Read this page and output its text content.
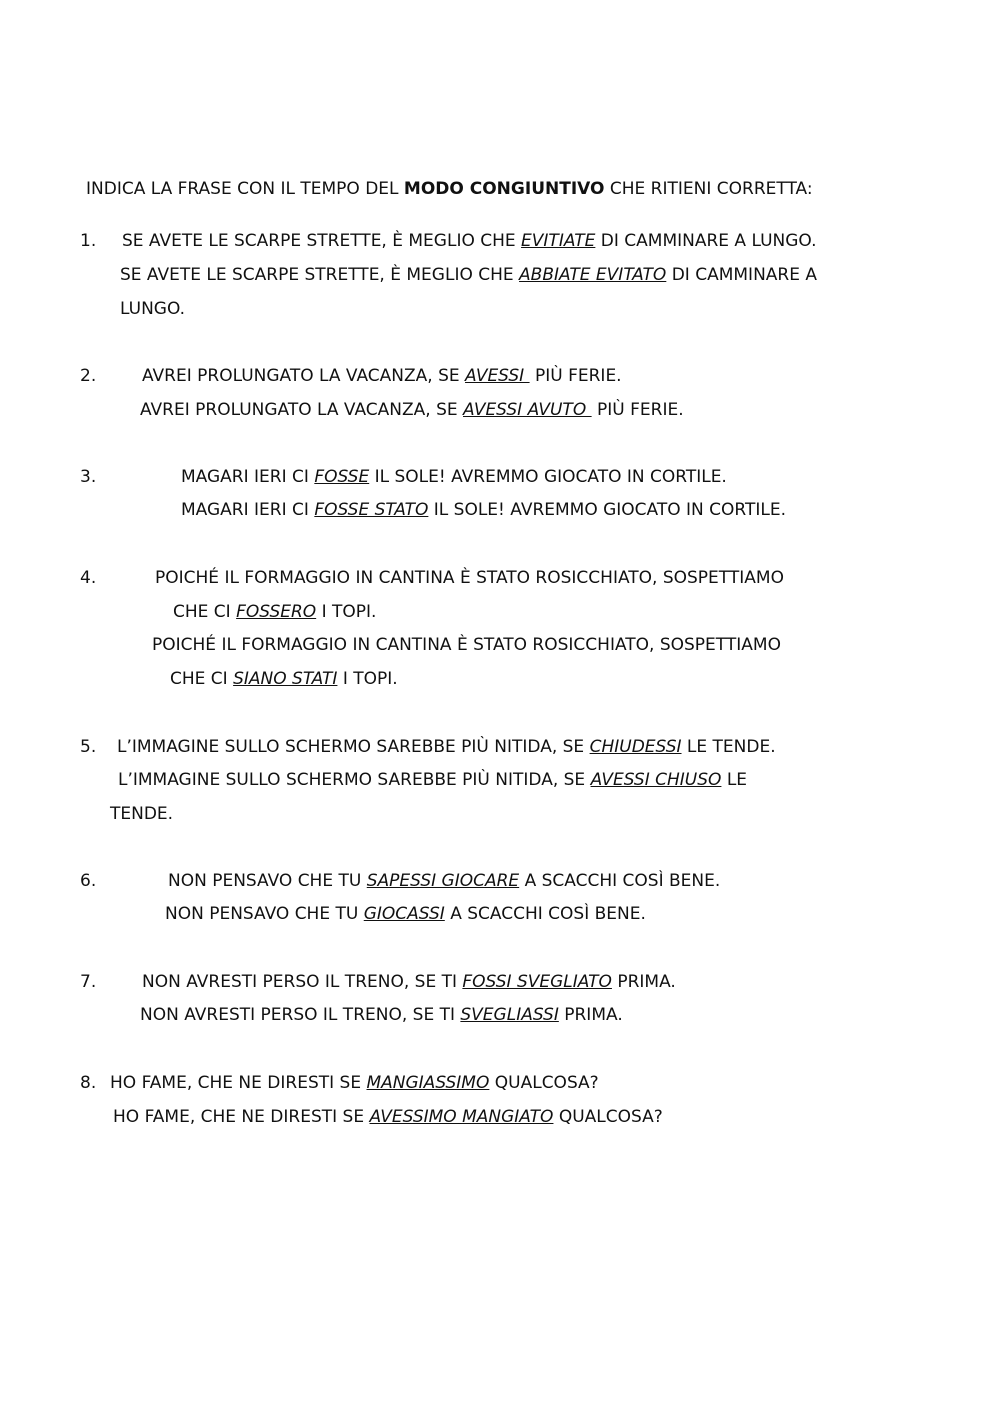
INDICA LA FRASE CON IL TEMPO DEL MODO CONGIUNTIVO CHE RITIENI CORRETTA:
1. SE AVETE LE SCARPE STRETTE, È MEGLIO CHE EVITIATE DI CAMMINARE A LUNGO.
SE AVETE LE SCARPE STRETTE, È MEGLIO CHE ABBIATE EVITATO DI CAMMINARE A
LUNGO.
2.	AVREI PROLUNGATO LA VACANZA, SE AVESSI  PIÙ FERIE.
AVREI PROLUNGATO LA VACANZA, SE AVESSI AVUTO  PIÙ FERIE.
3.	MAGARI IERI CI FOSSE IL SOLE! AVREMMO GIOCATO IN CORTILE.
MAGARI IERI CI FOSSE STATO IL SOLE! AVREMMO GIOCATO IN CORTILE.
4.	POICHÉ IL FORMAGGIO IN CANTINA È STATO ROSICCHIATO, SOSPETTIAMO
CHE CI FOSSERO I TOPI.
POICHÉ IL FORMAGGIO IN CANTINA È STATO ROSICCHIATO, SOSPETTIAMO
CHE CI SIANO STATI I TOPI.
5. L’IMMAGINE SULLO SCHERMO SAREBBE PIÙ NITIDA, SE CHIUDESSI LE TENDE.
L’IMMAGINE SULLO SCHERMO SAREBBE PIÙ NITIDA, SE AVESSI CHIUSO LE
TENDE.
6.	NON PENSAVO CHE TU SAPESSI GIOCARE A SCACCHI COSÌ BENE.
NON PENSAVO CHE TU GIOCASSI A SCACCHI COSÌ BENE.
7.	NON AVRESTI PERSO IL TRENO, SE TI FOSSI SVEGLIATO PRIMA.
NON AVRESTI PERSO IL TRENO, SE TI SVEGLIASSI PRIMA.
8. HO FAME, CHE NE DIRESTI SE MANGIASSIMO QUALCOSA?
HO FAME, CHE NE DIRESTI SE AVESSIMO MANGIATO QUALCOSA?
